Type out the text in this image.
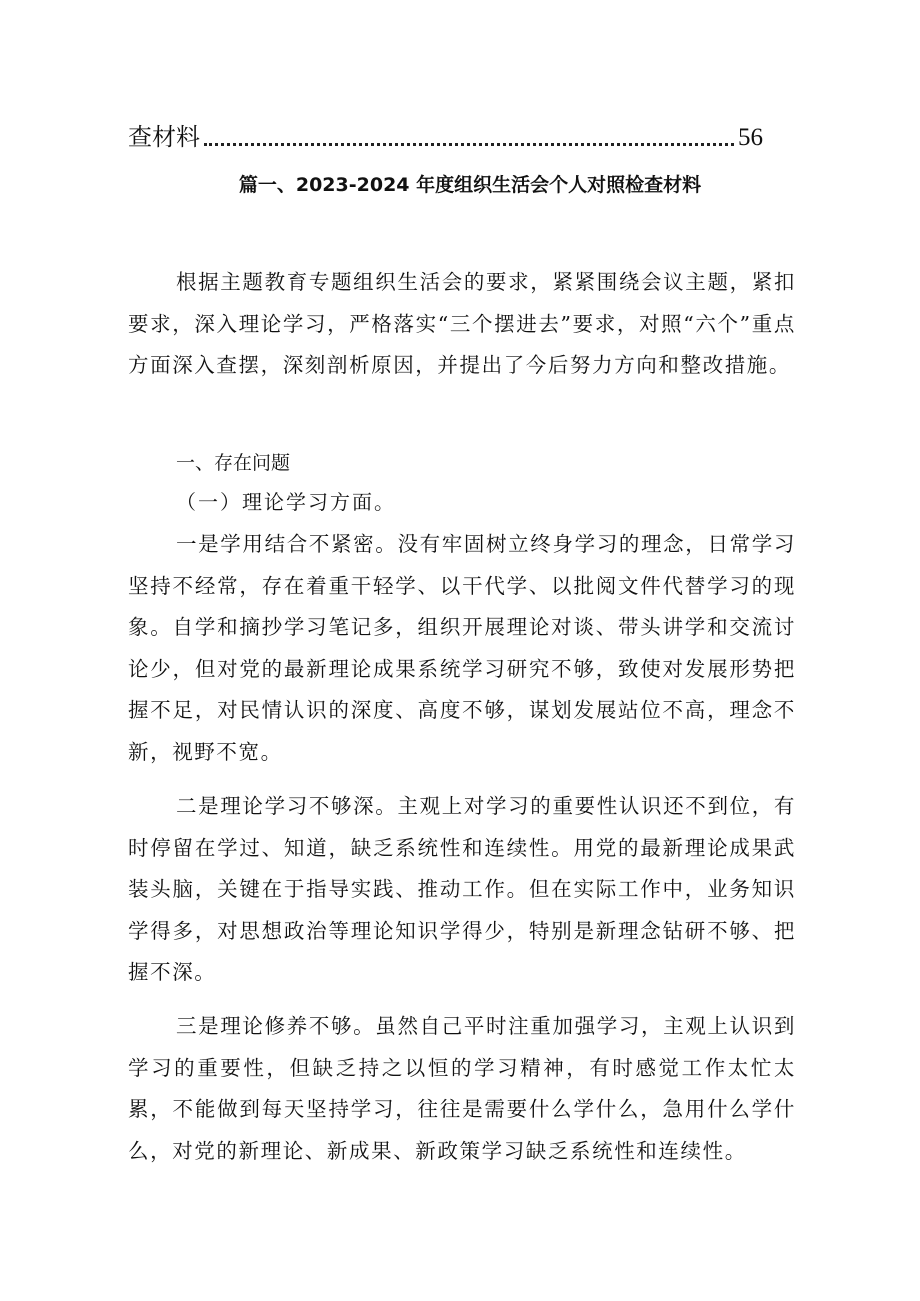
查材料	56
篇一、2023-2024 年度组织生活会个人对照检查材料

根据主题教育专题组织生活会的要求，紧紧围绕会议主题，紧扣要求，深入理论学习，严格落实“三个摆进去”要求，对照“六个”重点方面深入查摆，深刻剖析原因，并提出了今后努力方向和整改措施。

一、存在问题
（一）理论学习方面。

一是学用结合不紧密。没有牢固树立终身学习的理念，日常学习坚持不经常，存在着重干轻学、以干代学、以批阅文件代替学习的现象。自学和摘抄学习笔记多，组织开展理论对谈、带头讲学和交流讨论少，但对党的最新理论成果系统学习研究不够，致使对发展形势把握不足，对民情认识的深度、高度不够，谋划发展站位不高，理念不新，视野不宽。

二是理论学习不够深。主观上对学习的重要性认识还不到位，有时停留在学过、知道，缺乏系统性和连续性。用党的最新理论成果武装头脑，关键在于指导实践、推动工作。但在实际工作中，业务知识学得多，对思想政治等理论知识学得少，特别是新理念钻研不够、把握不深。

三是理论修养不够。虽然自己平时注重加强学习，主观上认识到学习的重要性，但缺乏持之以恒的学习精神，有时感觉工作太忙太累，不能做到每天坚持学习，往往是需要什么学什么，急用什么学什么，对党的新理论、新成果、新政策学习缺乏系统性和连续性。
